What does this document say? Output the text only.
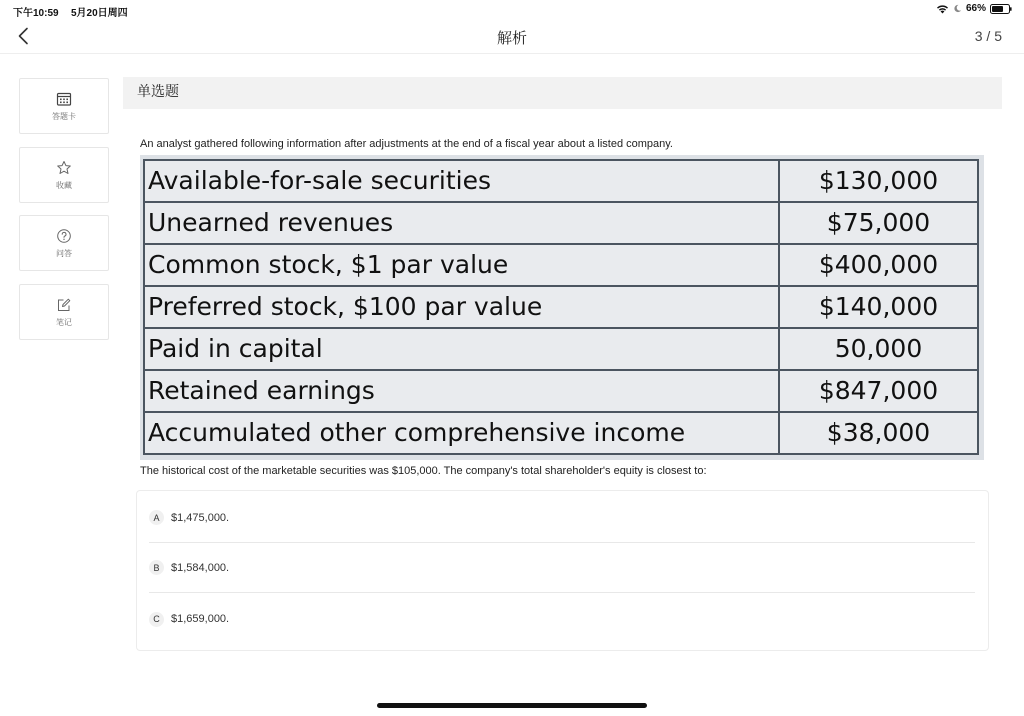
下午10:59 5月20日周四	66%
解析	3 / 5
答题卡
收藏
问答
笔记
单选题
An analyst gathered following information after adjustments at the end of a fiscal year about a listed company.
Available-for-sale securities	$130,000
Unearned revenues	$75,000
Common stock, $1 par value	$400,000
Preferred stock, $100 par value	$140,000
Paid in capital	50,000
Retained earnings	$847,000
Accumulated other comprehensive income	$38,000
The historical cost of the marketable securities was $105,000. The company's total shareholder's equity is closest to:
A	$1,475,000.
B	$1,584,000.
C	$1,659,000.
